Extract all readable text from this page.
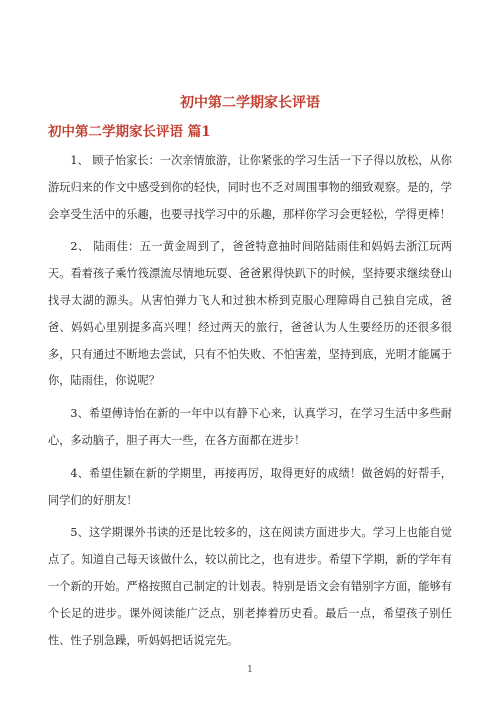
初中第二学期家长评语
初中第二学期家长评语 篇1

1、 顾子怡家长：一次亲情旅游，让你紧张的学习生活一下子得以放松，从你游玩归来的作文中感受到你的轻快，同时也不乏对周围事物的细致观察。是的，学会享受生活中的乐趣，也要寻找学习中的乐趣，那样你学习会更轻松，学得更棒！

2、 陆雨佳：五一黄金周到了，爸爸特意抽时间陪陆雨佳和妈妈去浙江玩两天。看着孩子乘竹筏漂流尽情地玩耍、爸爸累得快趴下的时候，坚持要求继续登山找寻太湖的源头。从害怕弹力飞人和过独木桥到克服心理障碍自己独自完成，爸爸、妈妈心里别提多高兴哩！经过两天的旅行，爸爸认为人生要经历的还很多很多，只有通过不断地去尝试，只有不怕失败、不怕害羞，坚持到底，光明才能属于你，陆雨佳，你说呢？

3、希望傅诗怡在新的一年中以有静下心来，认真学习，在学习生活中多些耐心，多动脑子，胆子再大一些，在各方面都在进步！

4、希望佳颖在新的学期里，再接再厉，取得更好的成绩！做爸妈的好帮手，同学们的好朋友！

5、这学期课外书读的还是比较多的，这在阅读方面进步大。学习上也能自觉点了。知道自己每天该做什么，较以前比之，也有进步。希望下学期，新的学年有一个新的开始。严格按照自己制定的计划表。特别是语文会有错别字方面，能够有个长足的进步。课外阅读能广泛点，别老捧着历史看。最后一点，希望孩子别任性、性子别急躁，听妈妈把话说完先。

1
